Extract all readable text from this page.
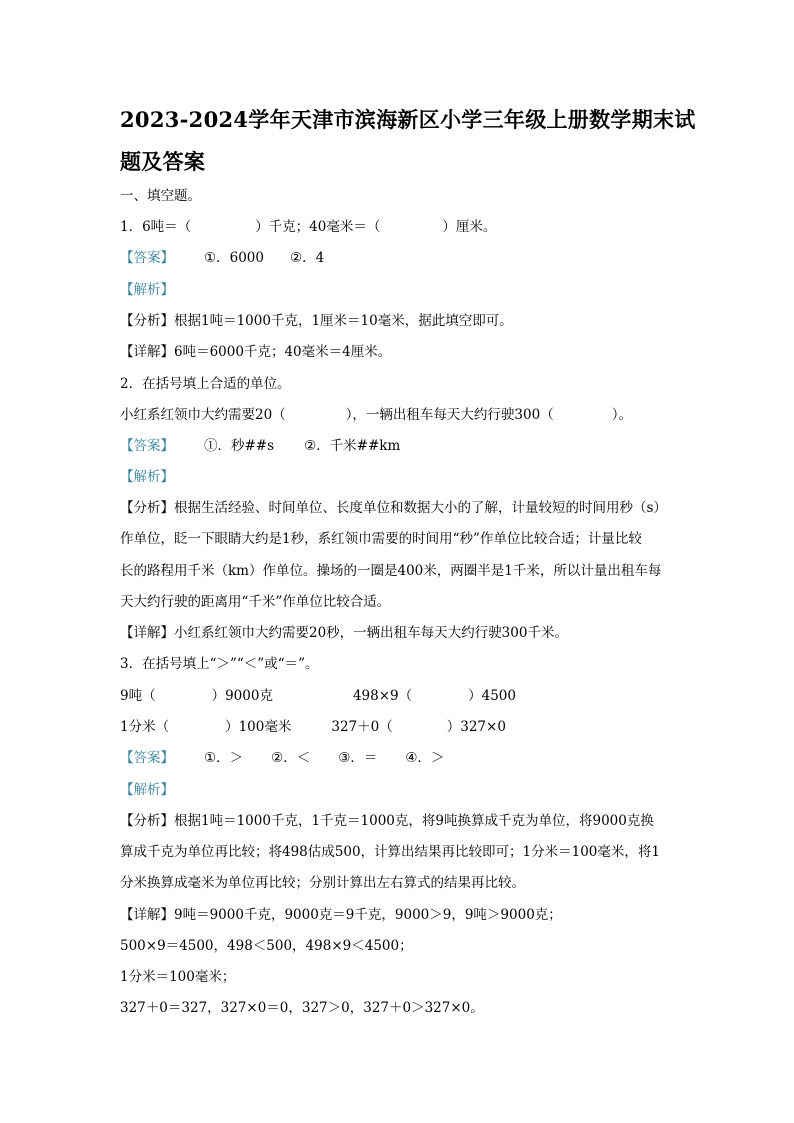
2023-2024学年天津市滨海新区小学三年级上册数学期末试
题及答案
一、填空题。
1．6吨＝（	）千克；40毫米＝（	）厘米。
【答案】 ①．6000 ②．4
【解析】
【分析】根据1吨＝1000千克，1厘米＝10毫米，据此填空即可。
【详解】6吨＝6000千克；40毫米＝4厘米。
2．在括号填上合适的单位。
小红系红领巾大约需要20（	），一辆出租车每天大约行驶300（	）。
【答案】 ①．秒##s ②．千米##km
【解析】
【分析】根据生活经验、时间单位、长度单位和数据大小的了解，计量较短的时间用秒（s）
作单位，眨一下眼睛大约是1秒，系红领巾需要的时间用“秒”作单位比较合适；计量比较
长的路程用千米（km）作单位。操场的一圈是400米，两圈半是1千米，所以计量出租车每
天大约行驶的距离用“千米”作单位比较合适。
【详解】小红系红领巾大约需要20秒，一辆出租车每天大约行驶300千米。
3．在括号填上“＞”“＜”或“＝”。
9吨（	）9000克	498×9（	）4500
1分米（	）100毫米	327＋0（	）327×0
【答案】 ①．＞ ②．＜ ③．＝ ④．＞
【解析】
【分析】根据1吨＝1000千克，1千克＝1000克，将9吨换算成千克为单位，将9000克换
算成千克为单位再比较；将498估成500，计算出结果再比较即可；1分米＝100毫米，将1
分米换算成毫米为单位再比较；分别计算出左右算式的结果再比较。
【详解】9吨＝9000千克，9000克＝9千克，9000＞9，9吨＞9000克；
500×9＝4500，498＜500，498×9＜4500；
1分米＝100毫米；
327＋0＝327，327×0＝0，327＞0，327＋0＞327×0。
